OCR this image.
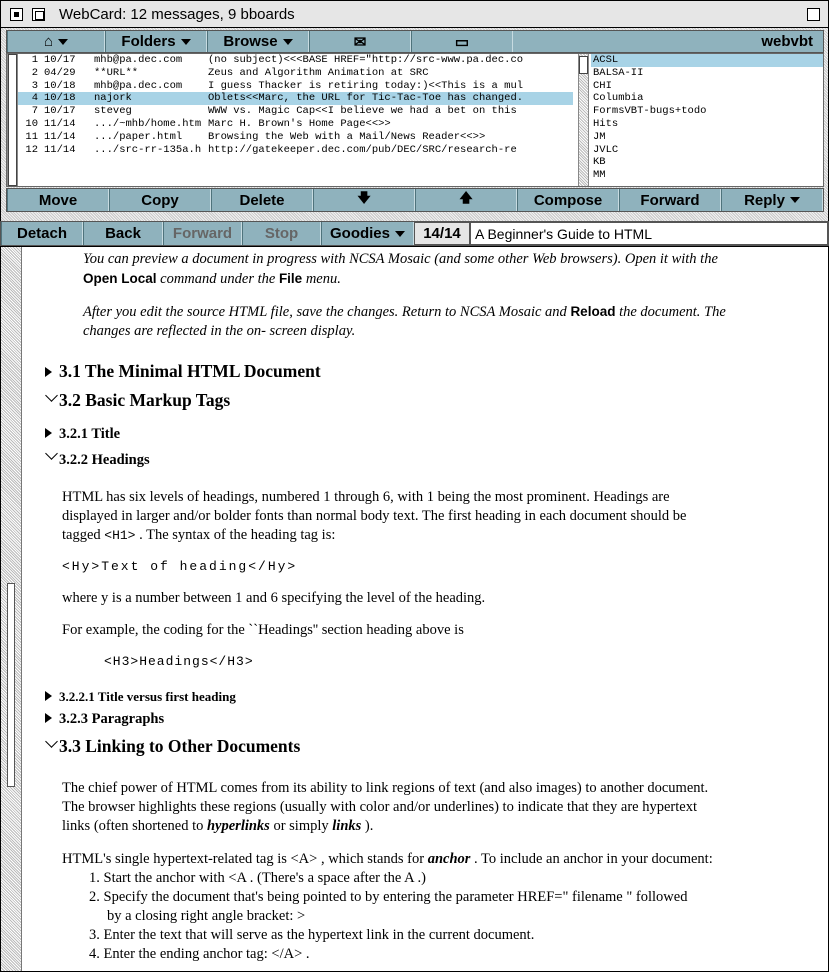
WebCard: 12 messages, 9 bboards
⌂	Folders	Browse	✉	▭	webvbt
1 10/17	mhb@pa.dec.com	(no subject)<<<BASE HREF="http://src-www.pa.dec.co
2 04/29	**URL**	Zeus and Algorithm Animation at SRC
3 10/18	mhb@pa.dec.com	I guess Thacker is retiring today:)<<This is a mul
4 10/18	najork	Oblets<<Marc, the URL for Tic-Tac-Toe has changed.
7 10/17	steveg	WWW vs. Magic Cap<<I believe we had a bet on this
10 11/14	.../~mhb/home.htm Marc H. Brown's Home Page<<>>
11 11/14	.../paper.html	Browsing the Web with a Mail/News Reader<<>>
12 11/14	.../src-rr-135a.h http://gatekeeper.dec.com/pub/DEC/SRC/research-re
ACSL
BALSA-II
CHI
Columbia
FormsVBT-bugs+todo
Hits
JM
JVLC
KB
MM
Move	Copy	Delete	🡇	🡅	Compose	Forward	Reply
Detach	Back	Forward	Stop	Goodies	14/14	A Beginner's Guide to HTML
You can preview a document in progress with NCSA Mosaic (and some other Web browsers). Open it with the
Open Local command under the File menu.
After you edit the source HTML file, save the changes. Return to NCSA Mosaic and Reload the document. The
changes are reflected in the on- screen display.
3.1 The Minimal HTML Document
3.2 Basic Markup Tags
3.2.1 Title
3.2.2 Headings
HTML has six levels of headings, numbered 1 through 6, with 1 being the most prominent. Headings are
displayed in larger and/or bolder fonts than normal body text. The first heading in each document should be
tagged <H1> . The syntax of the heading tag is:
<Hy>Text of heading</Hy>
where y is a number between 1 and 6 specifying the level of the heading.
For example, the coding for the ``Headings'' section heading above is
<H3>Headings</H3>
3.2.2.1 Title versus first heading
3.2.3 Paragraphs
3.3 Linking to Other Documents
The chief power of HTML comes from its ability to link regions of text (and also images) to another document.
The browser highlights these regions (usually with color and/or underlines) to indicate that they are hypertext
links (often shortened to hyperlinks or simply links ).
HTML's single hypertext-related tag is <A> , which stands for anchor . To include an anchor in your document:
1. Start the anchor with <A . (There's a space after the A .)
2. Specify the document that's being pointed to by entering the parameter HREF=" filename " followed
by a closing right angle bracket: >
3. Enter the text that will serve as the hypertext link in the current document.
4. Enter the ending anchor tag: </A> .
